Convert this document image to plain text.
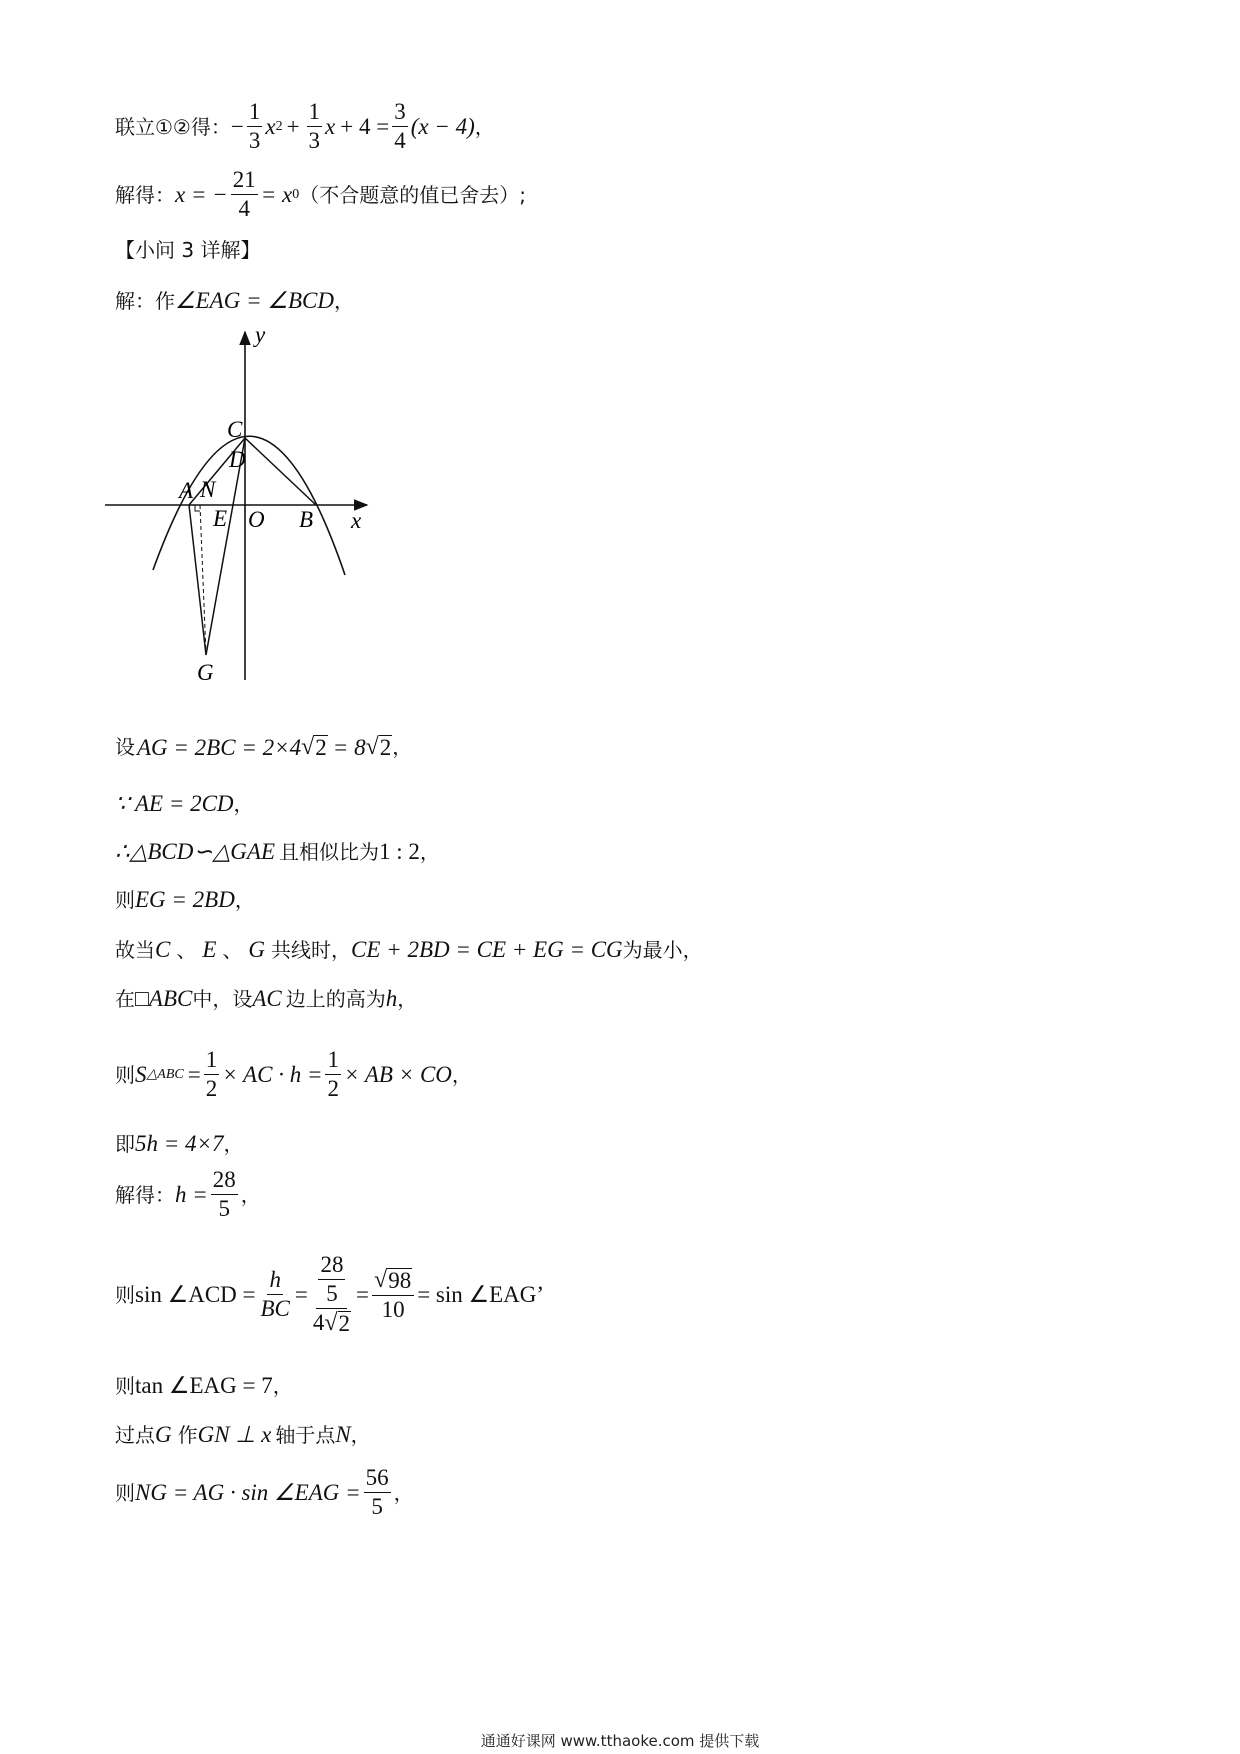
联立①②得： − $\frac{1}{3}$ x $2 + \frac{1}{3}$ $x + 4 = \frac{3}{4} (x - 4)$ ，
解得： x = − $\frac{21}{4} = x$ 0 （不合题意的值已舍去）;
【小问 3 详解】
解：作 ∠EAG = ∠BCD ，
y
x
C
D
A N
E O B
G
设 AG = 2BC = 2×4 √ 2 = 8 √ 2 ，
∵ AE = 2CD ，
∴△BCD∽△GAE 且相似比为 1 : 2 ，
则 EG = 2BD ，
故当 C 、 E 、 G 共线时， CE + 2BD = CE + EG = CG 为最小，
在 □ ABC 中，设 AC 边上的高为 h ，
则 S △ABC = $\frac{1}{2}$ × AC · $h = \frac{1}{2}$ × AB × CO ，
即 5h = 4×7 ，
解得： $h = \frac{28}{5}$ ，
则 sin ∠ACD = $\frac{h}{BC} = \frac{\frac{28}{5}}{4 √ 2} = \frac{√ 98}{10} = \sin$ ∠EAG ’
则 tan ∠EAG = 7 ，
过点 G 作 GN ⊥ x 轴于点 N ，
则 NG = AG · sin ∠EAG = $\frac{56}{5}$ ，
通通好课网 www.tthaoke.com 提供下载
